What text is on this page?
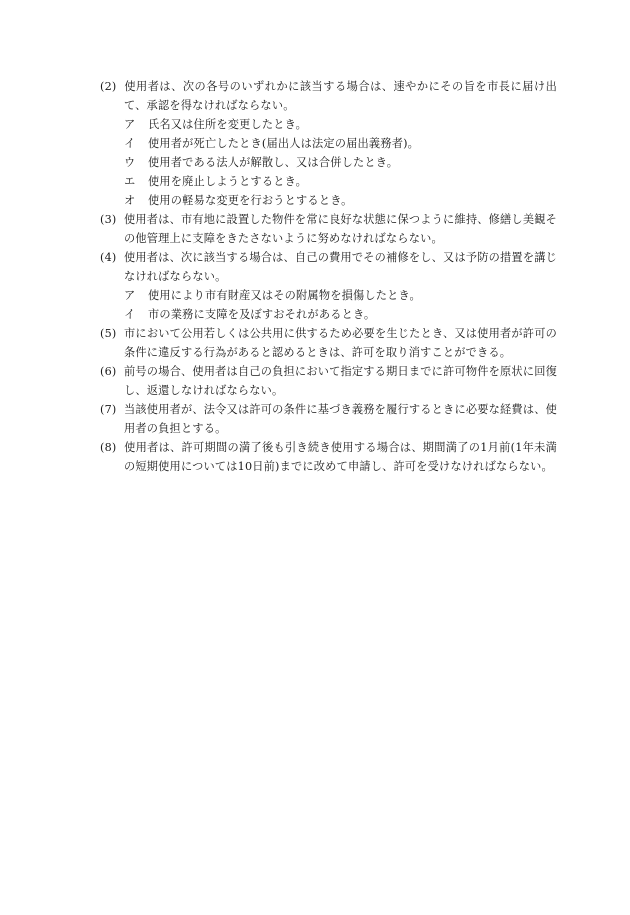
(2) 使用者は、次の各号のいずれかに該当する場合は、速やかにその旨を市長に届け出て、承認を得なければならない。

ア 氏名又は住所を変更したとき。

イ 使用者が死亡したとき(届出人は法定の届出義務者)。

ウ 使用者である法人が解散し、又は合併したとき。

エ 使用を廃止しようとするとき。

オ 使用の軽易な変更を行おうとするとき。

(3) 使用者は、市有地に設置した物件を常に良好な状態に保つように維持、修繕し美観その他管理上に支障をきたさないように努めなければならない。

(4) 使用者は、次に該当する場合は、自己の費用でその補修をし、又は予防の措置を講じなければならない。

ア 使用により市有財産又はその附属物を損傷したとき。

イ 市の業務に支障を及ぼすおそれがあるとき。

(5) 市において公用若しくは公共用に供するため必要を生じたとき、又は使用者が許可の条件に違反する行為があると認めるときは、許可を取り消すことができる。

(6) 前号の場合、使用者は自己の負担において指定する期日までに許可物件を原状に回復し、返還しなければならない。

(7) 当該使用者が、法令又は許可の条件に基づき義務を履行するときに必要な経費は、使用者の負担とする。

(8) 使用者は、許可期間の満了後も引き続き使用する場合は、期間満了の1月前(1年未満の短期使用については10日前)までに改めて申請し、許可を受けなければならない。
